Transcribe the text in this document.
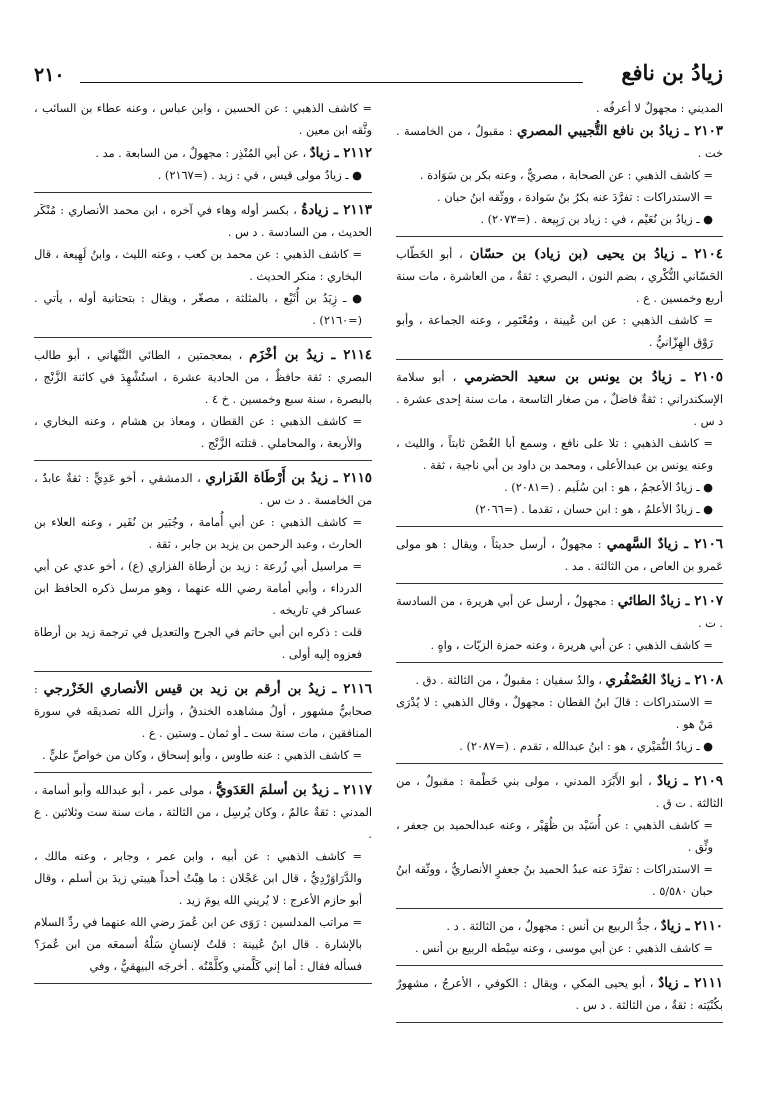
زيادُ بن نافع
٢١٠

المديني : مجهولٌ لا أعرفُه .

٢١٠٣ ـ زيادُ بن نافع التُّجيبي المصري : مقبولٌ ، من الخامسة . خت .

= كاشف الذهبي : عن الصحابة ، مصريٌّ ، وعنه بكر بن سَوَادة .

= الاستدراكات : تفرَّدَ عنه بكرُ بنُ سَوادة ، ووثّقه ابنُ حبان .

● ـ زيادُ بن نُعَيْم ، في : زياد بن رَبِيعة . (=٢٠٧٣) .

٢١٠٤ ـ زيادُ بن يحيى (بن زياد) بن حسّان ، أبو الخَطّاب الحَسّاني النُّكْري ، بضم النون ، البصري : ثقةٌ ، من العاشرة ، مات سنة أربع وخمسين . ع .

= كاشف الذهبي : عن ابن عُيينة ، ومُعْتَمِر ، وعنه الجماعة ، وأبو رَوْق الهِزّانيُّ .

٢١٠٥ ـ زيادُ بن يونس بن سعيد الحضرمي ، أبو سلامة الإسكندراني : ثقةٌ فاضلٌ ، من صغار التاسعة ، مات سنة إحدى عشرة . د س .

= كاشف الذهبي : تلا على نافع ، وسمع أبا الغُصْن ثابتاً ، والليث ، وعنه يونس بن عبدالأعلى ، ومحمد بن داود بن أبي ناجية ، ثقة .

● ـ زيادٌ الأعجمُ ، هو : ابن سُلَيم . (=٢٠٨١) .

● ـ زيادٌ الأعلمُ ، هو : ابن حسان ، تقدما . (=٢٠٦٦)

٢١٠٦ ـ زيادٌ السَّهمي : مجهولٌ ، أرسل حديثاً ، ويقال : هو مولى عَمرو بن العاص ، من الثالثة . مد .

٢١٠٧ ـ زيادٌ الطائي : مجهولٌ ، أرسل عن أبي هريرة ، من السادسة . ت .

= كاشف الذهبي : عن أبي هريرة ، وعنه حمزة الزيّات ، واهٍ .

٢١٠٨ ـ زيادٌ العُصْفُري ، والدُ سفيان : مقبولٌ ، من الثالثة . دق .

= الاستدراكات : قالَ ابنُ القطان : مجهولٌ ، وقال الذهبي : لا يُدْرَى مَنْ هو .

● ـ زيادٌ النُّمَيْري ، هو : ابنُ عبدالله ، تقدم . (=٢٠٨٧) .

٢١٠٩ ـ زيادٌ ، أبو الأَبْرَد المدني ، مولى بني خَطْمة : مقبولٌ ، من الثالثة . ت ق .

= كاشف الذهبي : عن أُسَيْد بن ظُهَيْر ، وعنه عبدالحميد بن جعفر ، وثِّق .

= الاستدراكات : تفرَّدَ عنه عبدُ الحميد بنُ جعفرٍ الأنصاريُّ ، ووثّقه ابنُ حبان ٥/٥٨٠ .

٢١١٠ ـ زيادٌ ، جدُّ الربيع بن أنس : مجهولٌ ، من الثالثة . د .

= كاشف الذهبي : عن أبي موسى ، وعنه سِبْطه الربيع بن أنس .

٢١١١ ـ زيادٌ ، أبو يحيى المكي ، ويقال : الكوفي ، الأعرجُ ، مشهورٌ بكُنْيَته : ثقةٌ ، من الثالثة . د س .

= كاشف الذهبي : عن الحسين ، وابن عباس ، وعنه عطاء بن السائب ، وثَّقه ابن معين .

٢١١٢ ـ زيادٌ ، عن أبي المُنْذِر : مجهولٌ ، من السابعة . مد .

● ـ زيادٌ مولى قيس ، في : زيد . (=٢١٦٧) .

٢١١٣ ـ زيادةُ ، بكسر أوله وهاء في آخره ، ابن محمد الأنصاري : مُنْكَر الحديث ، من السادسة . د س .

= كاشف الذهبي : عن محمد بن كعب ، وعنه الليث ، وابنُ لَهِيعة ، قال البخاري : منكر الحديث .

● ـ زِيَدُ بن أُثَيْع ، بالمثلثة ، مصغّر ، ويقال : بتحتانية أوله ، يأتي . (=٢١٦٠) .

٢١١٤ ـ زيدُ بن أخْزَم ، بمعجمتين ، الطائي النَّبْهاني ، أبو طالب البصري : ثقة حافظٌ ، من الحادية عشرة ، استُشْهِدَ في كائنة الزَّنْج ، بالبصرة ، سنة سبع وخمسين . خ ٤ .

= كاشف الذهبي : عن القطان ، ومعاذ بن هشام ، وعنه البخاري ، والأربعة ، والمحاملي . قتلته الزَّنْج .

٢١١٥ ـ زيدُ بن أَرْطَاة الفَزاري ، الدمشقي ، أخو عَدِيٍّ : ثقةٌ عابدٌ ، من الخامسة . د ت س .

= كاشف الذهبي : عن أبي أُمامة ، وجُبَير بن نُفَير ، وعنه العلاء بن الحارث ، وعبد الرحمن بن يزيد بن جابر ، ثقة .

= مراسيل أبي زُرعة : زيد بن أرطاة الفزاري (ع) ، أخو عدي عن أبي الدرداء ، وأبي أمامة رضي الله عنهما ، وهو مرسل ذكره الحافظ ابن عساكر في تاريخه .

قلت : ذكره ابن أبي حاتم في الجرح والتعديل في ترجمة زيد بن أرطاة فعزوه إليه أولى .

٢١١٦ ـ زيدُ بن أرقم بن زيد بن قيس الأنصاري الخَزْرجي : صحابيٌّ مشهور ، أولُ مشاهده الخندقُ ، وأنزل الله تصديقَه في سورة المنافقين ، مات سنة ست ـ أو ثمان ـ وستين . ع .

= كاشف الذهبي : عنه طاوس ، وأبو إسحاق ، وكان من خواصِّ عليٍّ .

٢١١٧ ـ زيدُ بن أسلمَ العَدَويُّ ، مولى عمر ، أبو عبدالله وأبو أسامة ، المدني : ثقةٌ عالمٌ ، وكان يُرسِل ، من الثالثة ، مات سنة ست وثلاثين . ع .

= كاشف الذهبي : عن أبيه ، وابن عمر ، وجابر ، وعنه مالك ، والدَّرَاوَرْدِيُّ ، قال ابن عَجْلان : ما هِبْتُ أحداً هيبتي زيدَ بن أسلم ، وقال أبو حازم الأعرج : لا يُريني الله يومَ زيد .

= مراتب المدلسين : رَوَى عن ابن عُمرَ رضي الله عنهما في ردِّ السلام بالإشارة . قال ابنُ عُيينة : قلتُ لإنسانٍ سَلْهُ أسمعَه من ابن عُمرَ؟ فسأله فقال : أما إني كَلَّمني وكلَّمْتُه . أخرجَه البيهقيُّ ، وفي
